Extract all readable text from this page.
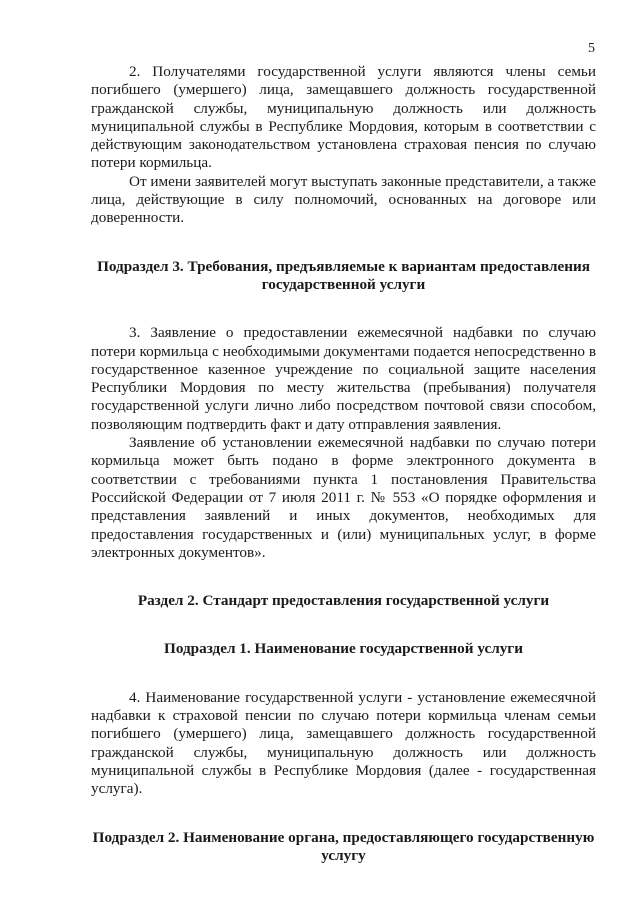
5

2. Получателями государственной услуги являются члены семьи погибшего (умершего) лица, замещавшего должность государственной гражданской службы, муниципальную должность или должность муниципальной службы в Республике Мордовия, которым в соответствии с действующим законодательством установлена страховая пенсия по случаю потери кормильца.

От имени заявителей могут выступать законные представители, а также лица, действующие в силу полномочий, основанных на договоре или доверенности.

Подраздел 3. Требования, предъявляемые к вариантам предоставления государственной услуги

3. Заявление о предоставлении ежемесячной надбавки по случаю потери кормильца с необходимыми документами подается непосредственно в государственное казенное учреждение по социальной защите населения Республики Мордовия по месту жительства (пребывания) получателя государственной услуги лично либо посредством почтовой связи способом, позволяющим подтвердить факт и дату отправления заявления.

Заявление об установлении ежемесячной надбавки по случаю потери кормильца может быть подано в форме электронного документа в соответствии с требованиями пункта 1 постановления Правительства Российской Федерации от 7 июля 2011 г. № 553 «О порядке оформления и представления заявлений и иных документов, необходимых для предоставления государственных и (или) муниципальных услуг, в форме электронных документов».

Раздел 2. Стандарт предоставления государственной услуги

Подраздел 1. Наименование государственной услуги

4. Наименование государственной услуги - установление ежемесячной надбавки к страховой пенсии по случаю потери кормильца членам семьи погибшего (умершего) лица, замещавшего должность государственной гражданской службы, муниципальную должность или должность муниципальной службы в Республике Мордовия (далее - государственная услуга).

Подраздел 2. Наименование органа, предоставляющего государственную услугу
